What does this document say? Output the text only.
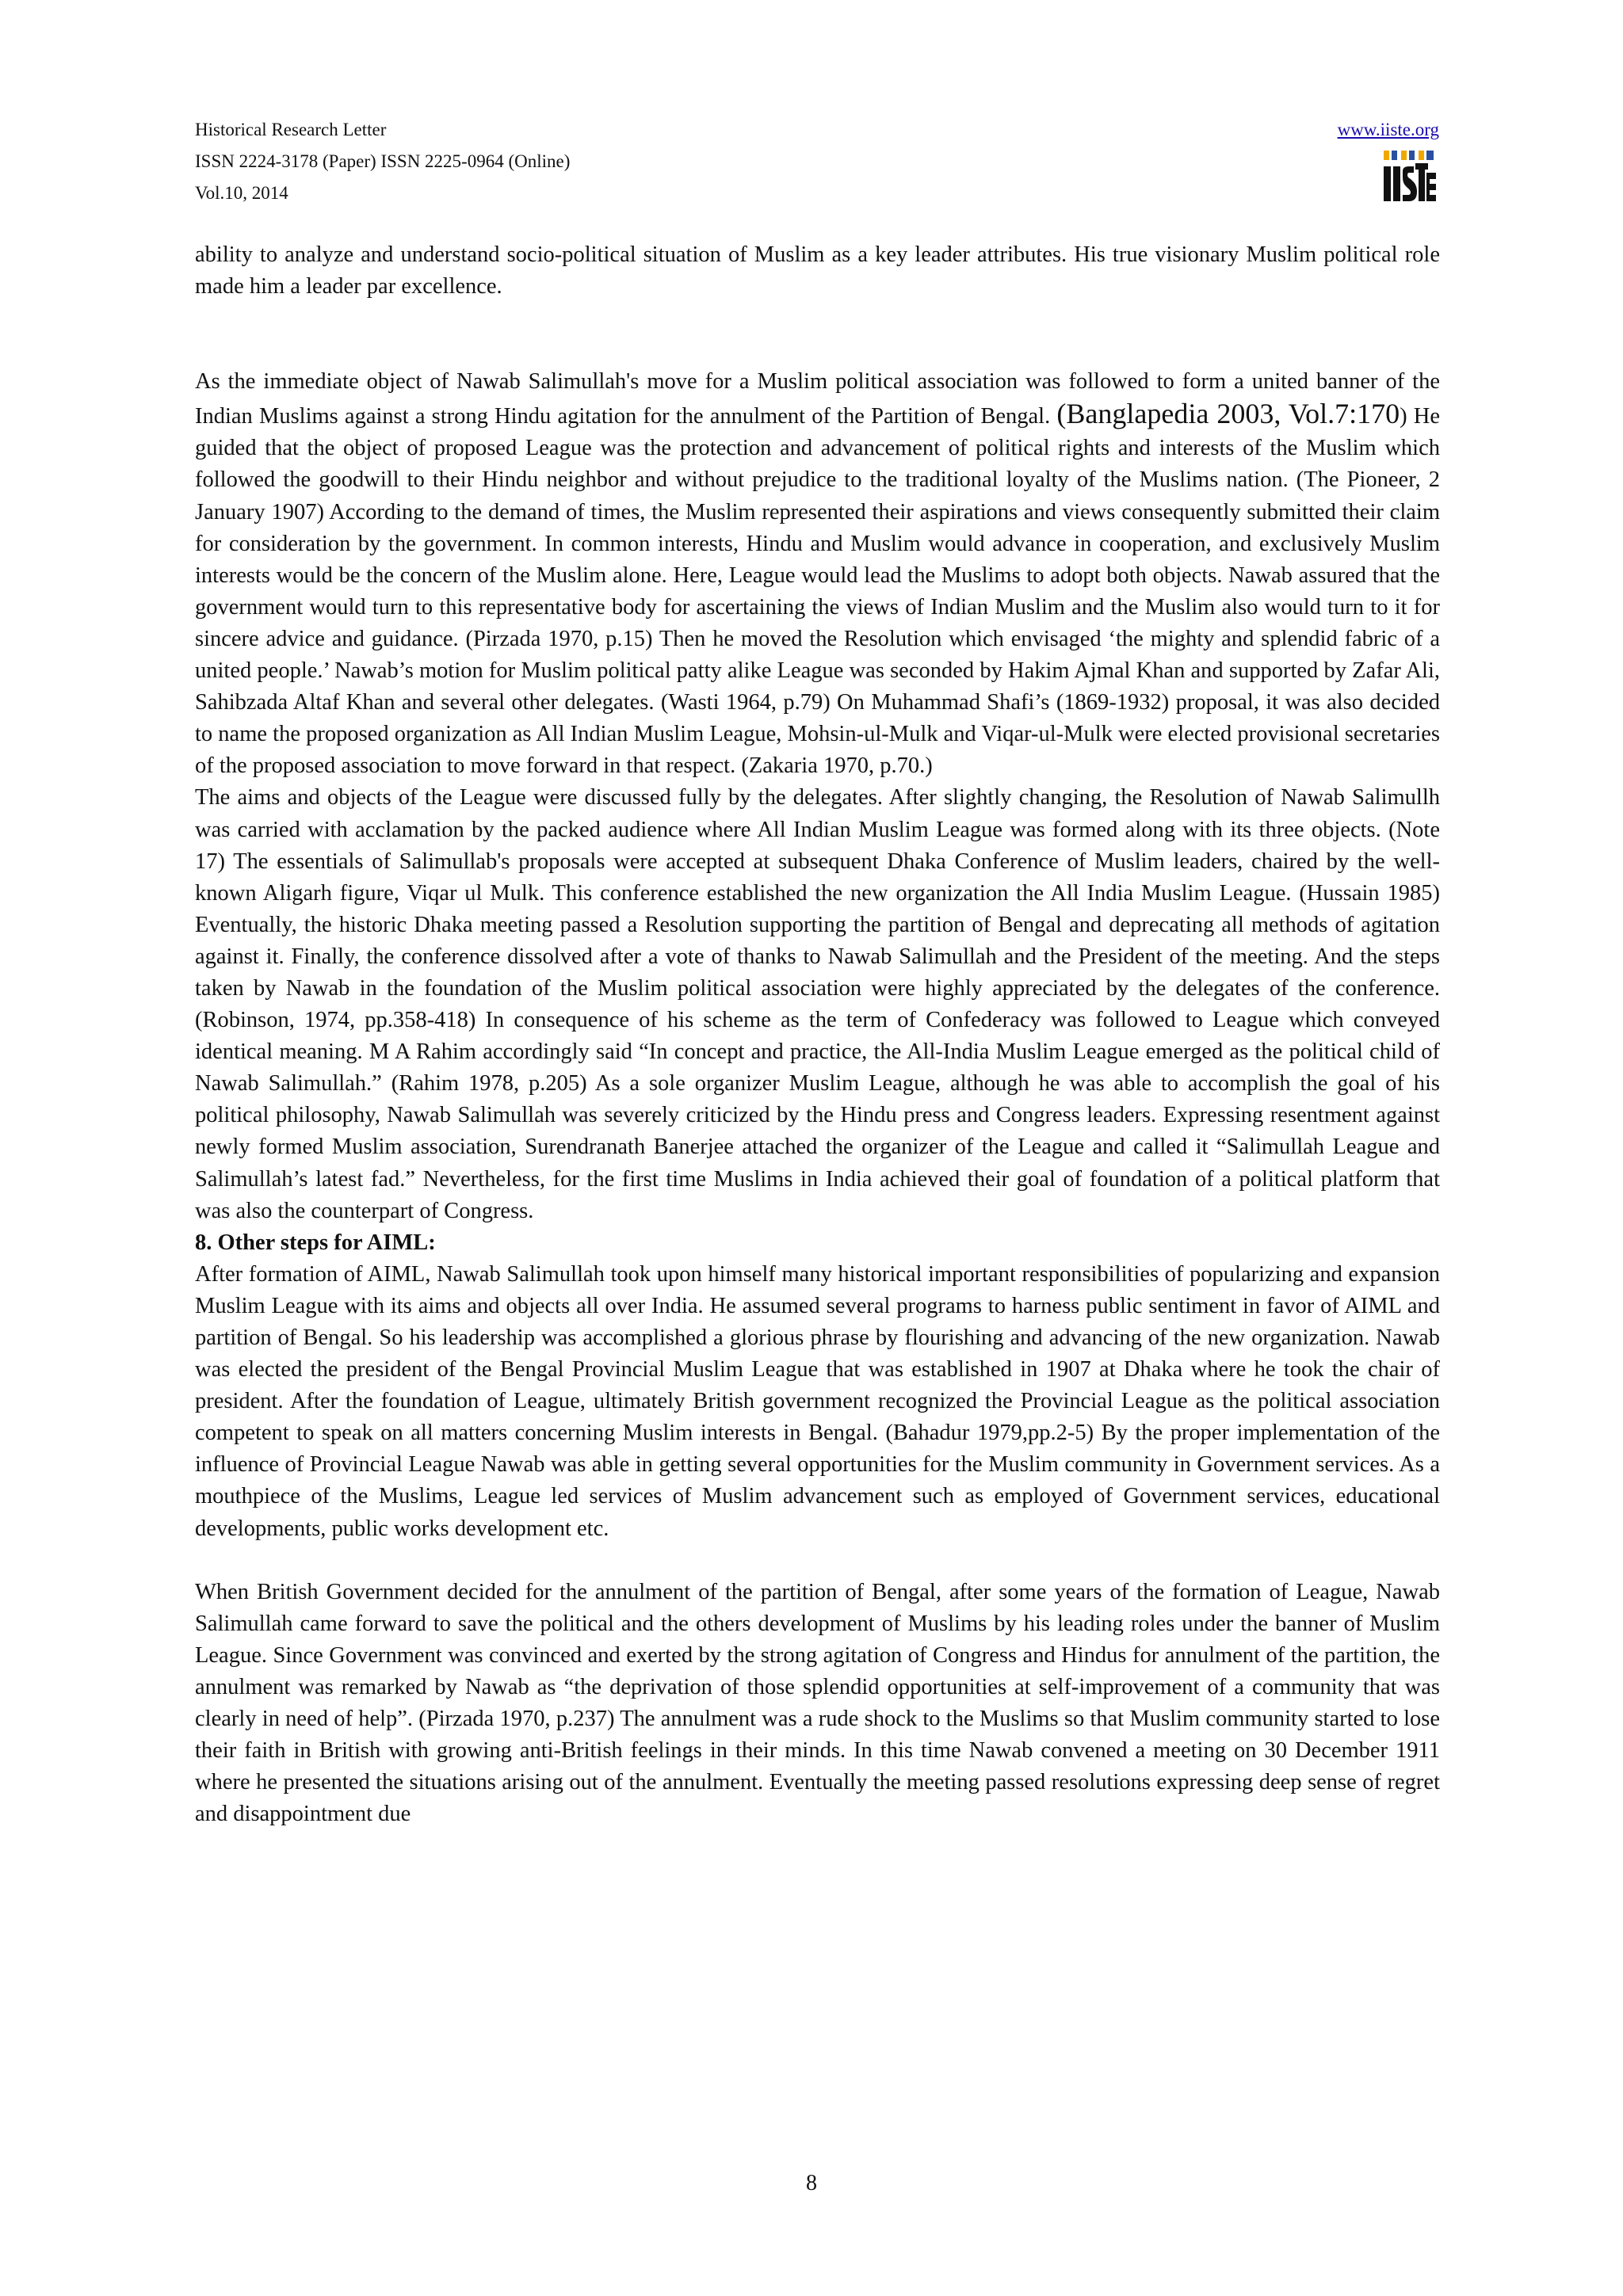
Historical Research Letter
ISSN 2224-3178 (Paper) ISSN 2225-0964 (Online)
Vol.10, 2014
www.iiste.org

ability to analyze and understand socio-political situation of Muslim as a key leader attributes. His true visionary Muslim political role made him a leader par excellence.

As the immediate object of Nawab Salimullah's move for a Muslim political association was followed to form a united banner of the Indian Muslims against a strong Hindu agitation for the annulment of the Partition of Bengal. (Banglapedia 2003, Vol.7:170) He guided that the object of proposed League was the protection and advancement of political rights and interests of the Muslim which followed the goodwill to their Hindu neighbor and without prejudice to the traditional loyalty of the Muslims nation. (The Pioneer, 2 January 1907) According to the demand of times, the Muslim represented their aspirations and views consequently submitted their claim for consideration by the government. In common interests, Hindu and Muslim would advance in cooperation, and exclusively Muslim interests would be the concern of the Muslim alone. Here, League would lead the Muslims to adopt both objects. Nawab assured that the government would turn to this representative body for ascertaining the views of Indian Muslim and the Muslim also would turn to it for sincere advice and guidance. (Pirzada 1970, p.15) Then he moved the Resolution which envisaged ‘the mighty and splendid fabric of a united people.’ Nawab’s motion for Muslim political patty alike League was seconded by Hakim Ajmal Khan and supported by Zafar Ali, Sahibzada Altaf Khan and several other delegates. (Wasti 1964, p.79) On Muhammad Shafi’s (1869-1932) proposal, it was also decided to name the proposed organization as All Indian Muslim League, Mohsin-ul-Mulk and Viqar-ul-Mulk were elected provisional secretaries of the proposed association to move forward in that respect. (Zakaria 1970, p.70.)

The aims and objects of the League were discussed fully by the delegates. After slightly changing, the Resolution of Nawab Salimullh was carried with acclamation by the packed audience where All Indian Muslim League was formed along with its three objects. (Note 17) The essentials of Salimullab's proposals were accepted at subsequent Dhaka Conference of Muslim leaders, chaired by the well-known Aligarh figure, Viqar ul Mulk. This conference established the new organization the All India Muslim League. (Hussain 1985) Eventually, the historic Dhaka meeting passed a Resolution supporting the partition of Bengal and deprecating all methods of agitation against it. Finally, the conference dissolved after a vote of thanks to Nawab Salimullah and the President of the meeting. And the steps taken by Nawab in the foundation of the Muslim political association were highly appreciated by the delegates of the conference. (Robinson, 1974, pp.358-418) In consequence of his scheme as the term of Confederacy was followed to League which conveyed identical meaning. M A Rahim accordingly said “In concept and practice, the All-India Muslim League emerged as the political child of Nawab Salimullah.” (Rahim 1978, p.205) As a sole organizer Muslim League, although he was able to accomplish the goal of his political philosophy, Nawab Salimullah was severely criticized by the Hindu press and Congress leaders. Expressing resentment against newly formed Muslim association, Surendranath Banerjee attached the organizer of the League and called it “Salimullah League and Salimullah’s latest fad.” Nevertheless, for the first time Muslims in India achieved their goal of foundation of a political platform that was also the counterpart of Congress.

8. Other steps for AIML:

After formation of AIML, Nawab Salimullah took upon himself many historical important responsibilities of popularizing and expansion Muslim League with its aims and objects all over India. He assumed several programs to harness public sentiment in favor of AIML and partition of Bengal. So his leadership was accomplished a glorious phrase by flourishing and advancing of the new organization. Nawab was elected the president of the Bengal Provincial Muslim League that was established in 1907 at Dhaka where he took the chair of president. After the foundation of League, ultimately British government recognized the Provincial League as the political association competent to speak on all matters concerning Muslim interests in Bengal. (Bahadur 1979,pp.2-5) By the proper implementation of the influence of Provincial League Nawab was able in getting several opportunities for the Muslim community in Government services. As a mouthpiece of the Muslims, League led services of Muslim advancement such as employed of Government services, educational developments, public works development etc.

When British Government decided for the annulment of the partition of Bengal, after some years of the formation of League, Nawab Salimullah came forward to save the political and the others development of Muslims by his leading roles under the banner of Muslim League. Since Government was convinced and exerted by the strong agitation of Congress and Hindus for annulment of the partition, the annulment was remarked by Nawab as “the deprivation of those splendid opportunities at self-improvement of a community that was clearly in need of help”. (Pirzada 1970, p.237) The annulment was a rude shock to the Muslims so that Muslim community started to lose their faith in British with growing anti-British feelings in their minds. In this time Nawab convened a meeting on 30 December 1911 where he presented the situations arising out of the annulment. Eventually the meeting passed resolutions expressing deep sense of regret and disappointment due

8
